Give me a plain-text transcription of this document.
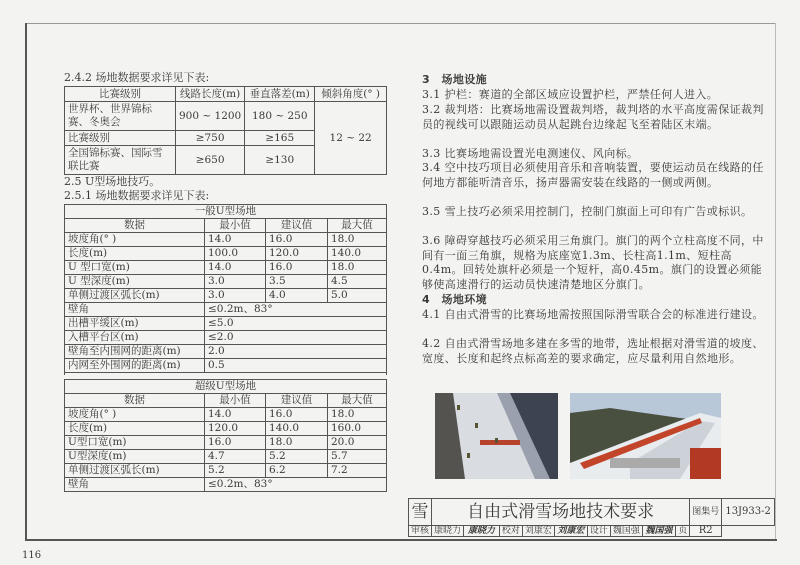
2.4.2 场地数据要求详见下表:
比赛级别	线路长度(m)	垂直落差(m)	倾斜角度(° )
世界杯、世界锦标赛、冬奥会	900 ~ 1200	180 ~ 250	12 ~ 22
比赛级别	≥750	≥165	
全国锦标赛、国际雪联比赛	≥650	≥130	
2.5 U型场地技巧。
2.5.1 场地数据要求详见下表:
一般U型场地			
数据	最小值	建议值	最大值
坡度角(° )	14.0	16.0	18.0
长度(m)	100.0	120.0	140.0
U 型口宽(m)	14.0	16.0	18.0
U 型深度(m)	3.0	3.5	4.5
单侧过渡区弧长(m)	3.0	4.0	5.0
壁角	≤0.2m、83°		
出槽平缓区(m)	≤5.0		
入槽平台区(m)	≤2.0		
壁角至内围网的距离(m)	2.0		
内网至外围网的距离(m)	0.5		

超级U型场地			
数据	最小值	建议值	最大值
坡度角(° )	14.0	16.0	18.0
长度(m)	120.0	140.0	160.0
U型口宽(m)	16.0	18.0	20.0
U型深度(m)	4.7	5.2	5.7
单侧过渡区弧长(m)	5.2	6.2	7.2
壁角	≤0.2m、83°		
3　场地设施
3.1 护栏：赛道的全部区域应设置护栏，严禁任何人进入。
3.2 裁判塔：比赛场地需设置裁判塔，裁判塔的水平高度需保证裁判员的视线可以跟随运动员从起跳台边缘起飞至着陆区末端。
3.3 比赛场地需设置光电测速仪、风向标。
3.4 空中技巧项目必须使用音乐和音响装置，要使运动员在线路的任何地方都能听清音乐，扬声器需安装在线路的一侧或两侧。
3.5 雪上技巧必须采用控制门，控制门旗面上可印有广告或标识。
3.6 障碍穿越技巧必须采用三角旗门。旗门的两个立柱高度不同，中间有一面三角旗，规格为底座宽1.3m、长柱高1.1m、短柱高0.4m。回转处旗杆必须是一个短杆，高0.45m。旗门的设置必须能够使高速滑行的运动员快速清楚地区分旗门。
4　场地环境
4.1 自由式滑雪的比赛场地需按照国际滑雪联合会的标准进行建设。
4.2 自由式滑雪场地多建在多雪的地带，选址根据对滑雪道的坡度、宽度、长度和起终点标高差的要求确定，应尽量利用自然地形。
雪	自由式滑雪场地技术要求									图集号	13J933-2
审核	康晓力	康晓力	校对	刘康宏	刘康宏	设计	魏国强	魏国强	页	R2	
116
